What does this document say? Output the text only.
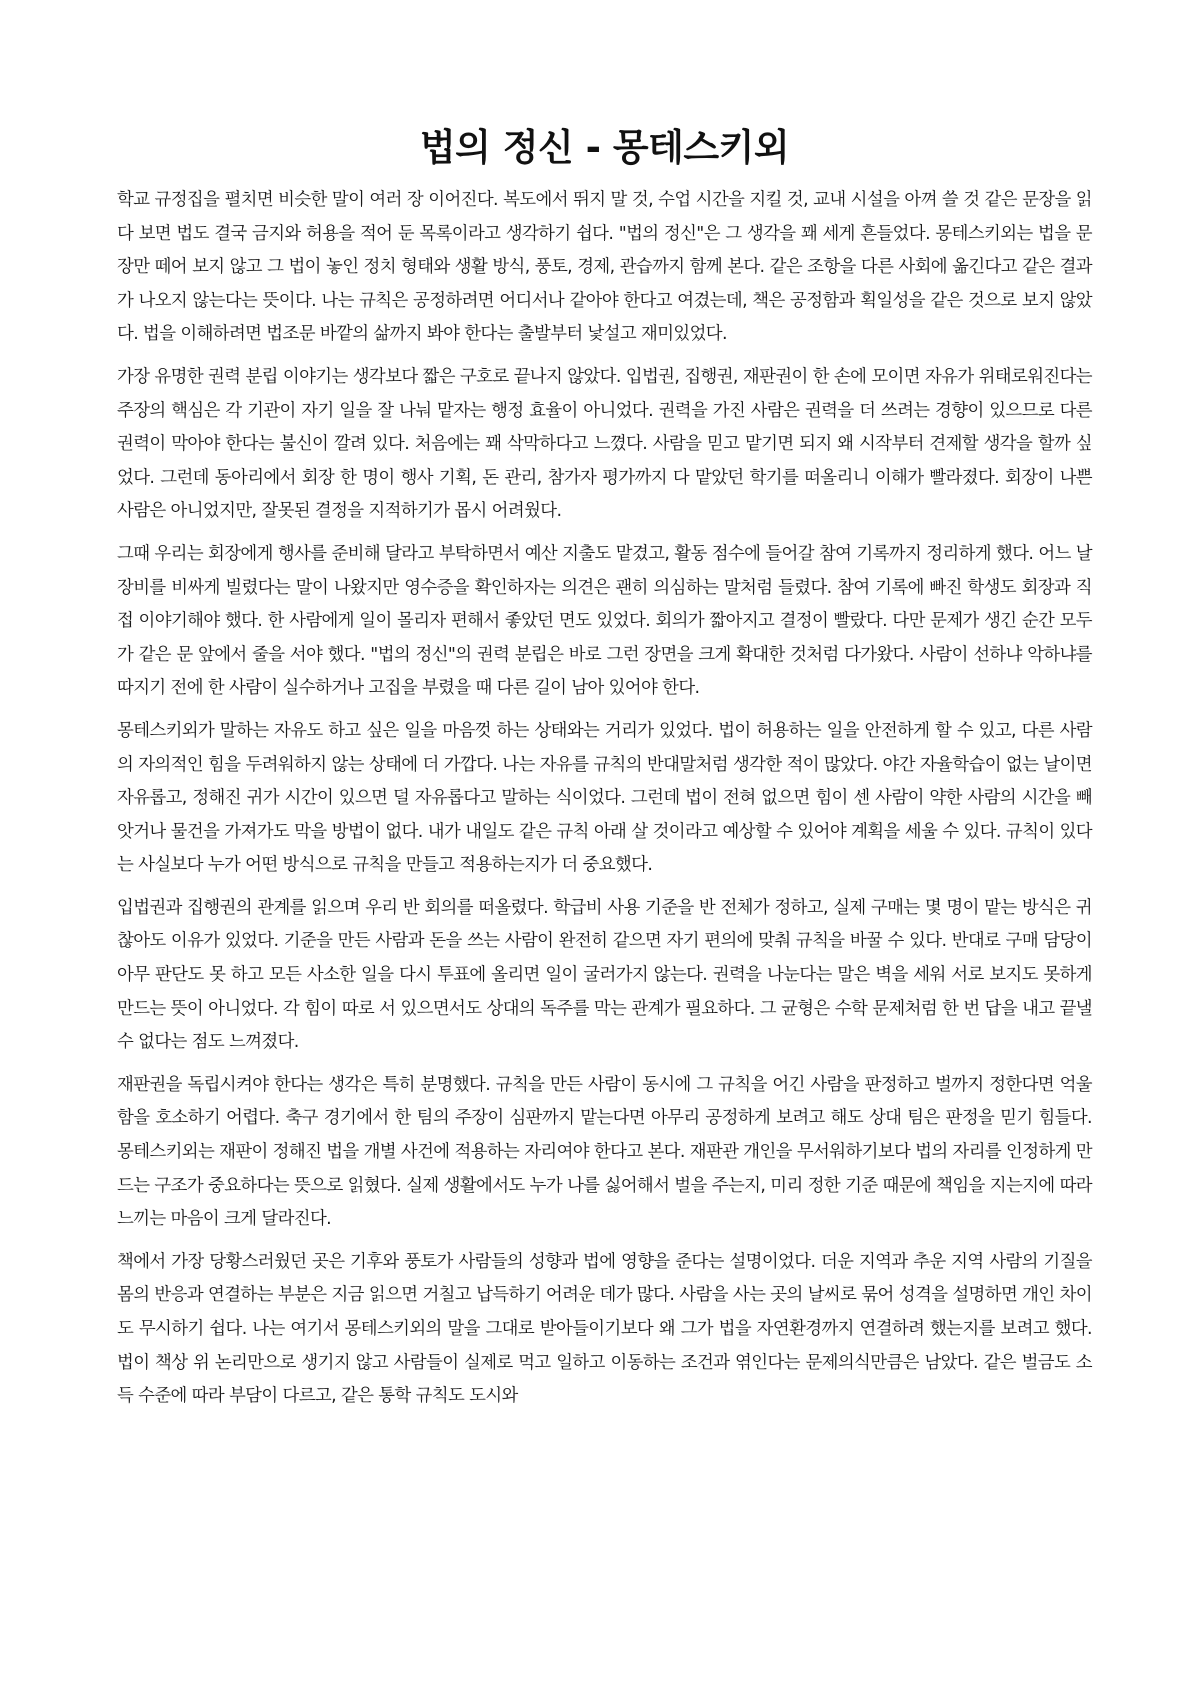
법의 정신 - 몽테스키외

학교 규정집을 펼치면 비슷한 말이 여러 장 이어진다. 복도에서 뛰지 말 것, 수업 시간을 지킬 것, 교내 시설을 아껴 쓸 것 같은 문장을 읽다 보면 법도 결국 금지와 허용을 적어 둔 목록이라고 생각하기 쉽다. "법의 정신"은 그 생각을 꽤 세게 흔들었다. 몽테스키외는 법을 문장만 떼어 보지 않고 그 법이 놓인 정치 형태와 생활 방식, 풍토, 경제, 관습까지 함께 본다. 같은 조항을 다른 사회에 옮긴다고 같은 결과가 나오지 않는다는 뜻이다. 나는 규칙은 공정하려면 어디서나 같아야 한다고 여겼는데, 책은 공정함과 획일성을 같은 것으로 보지 않았다. 법을 이해하려면 법조문 바깥의 삶까지 봐야 한다는 출발부터 낯설고 재미있었다.

가장 유명한 권력 분립 이야기는 생각보다 짧은 구호로 끝나지 않았다. 입법권, 집행권, 재판권이 한 손에 모이면 자유가 위태로워진다는 주장의 핵심은 각 기관이 자기 일을 잘 나눠 맡자는 행정 효율이 아니었다. 권력을 가진 사람은 권력을 더 쓰려는 경향이 있으므로 다른 권력이 막아야 한다는 불신이 깔려 있다. 처음에는 꽤 삭막하다고 느꼈다. 사람을 믿고 맡기면 되지 왜 시작부터 견제할 생각을 할까 싶었다. 그런데 동아리에서 회장 한 명이 행사 기획, 돈 관리, 참가자 평가까지 다 맡았던 학기를 떠올리니 이해가 빨라졌다. 회장이 나쁜 사람은 아니었지만, 잘못된 결정을 지적하기가 몹시 어려웠다.

그때 우리는 회장에게 행사를 준비해 달라고 부탁하면서 예산 지출도 맡겼고, 활동 점수에 들어갈 참여 기록까지 정리하게 했다. 어느 날 장비를 비싸게 빌렸다는 말이 나왔지만 영수증을 확인하자는 의견은 괜히 의심하는 말처럼 들렸다. 참여 기록에 빠진 학생도 회장과 직접 이야기해야 했다. 한 사람에게 일이 몰리자 편해서 좋았던 면도 있었다. 회의가 짧아지고 결정이 빨랐다. 다만 문제가 생긴 순간 모두가 같은 문 앞에서 줄을 서야 했다. "법의 정신"의 권력 분립은 바로 그런 장면을 크게 확대한 것처럼 다가왔다. 사람이 선하냐 악하냐를 따지기 전에 한 사람이 실수하거나 고집을 부렸을 때 다른 길이 남아 있어야 한다.

몽테스키외가 말하는 자유도 하고 싶은 일을 마음껏 하는 상태와는 거리가 있었다. 법이 허용하는 일을 안전하게 할 수 있고, 다른 사람의 자의적인 힘을 두려워하지 않는 상태에 더 가깝다. 나는 자유를 규칙의 반대말처럼 생각한 적이 많았다. 야간 자율학습이 없는 날이면 자유롭고, 정해진 귀가 시간이 있으면 덜 자유롭다고 말하는 식이었다. 그런데 법이 전혀 없으면 힘이 센 사람이 약한 사람의 시간을 빼앗거나 물건을 가져가도 막을 방법이 없다. 내가 내일도 같은 규칙 아래 살 것이라고 예상할 수 있어야 계획을 세울 수 있다. 규칙이 있다는 사실보다 누가 어떤 방식으로 규칙을 만들고 적용하는지가 더 중요했다.

입법권과 집행권의 관계를 읽으며 우리 반 회의를 떠올렸다. 학급비 사용 기준을 반 전체가 정하고, 실제 구매는 몇 명이 맡는 방식은 귀찮아도 이유가 있었다. 기준을 만든 사람과 돈을 쓰는 사람이 완전히 같으면 자기 편의에 맞춰 규칙을 바꿀 수 있다. 반대로 구매 담당이 아무 판단도 못 하고 모든 사소한 일을 다시 투표에 올리면 일이 굴러가지 않는다. 권력을 나눈다는 말은 벽을 세워 서로 보지도 못하게 만드는 뜻이 아니었다. 각 힘이 따로 서 있으면서도 상대의 독주를 막는 관계가 필요하다. 그 균형은 수학 문제처럼 한 번 답을 내고 끝낼 수 없다는 점도 느껴졌다.

재판권을 독립시켜야 한다는 생각은 특히 분명했다. 규칙을 만든 사람이 동시에 그 규칙을 어긴 사람을 판정하고 벌까지 정한다면 억울함을 호소하기 어렵다. 축구 경기에서 한 팀의 주장이 심판까지 맡는다면 아무리 공정하게 보려고 해도 상대 팀은 판정을 믿기 힘들다. 몽테스키외는 재판이 정해진 법을 개별 사건에 적용하는 자리여야 한다고 본다. 재판관 개인을 무서워하기보다 법의 자리를 인정하게 만드는 구조가 중요하다는 뜻으로 읽혔다. 실제 생활에서도 누가 나를 싫어해서 벌을 주는지, 미리 정한 기준 때문에 책임을 지는지에 따라 느끼는 마음이 크게 달라진다.

책에서 가장 당황스러웠던 곳은 기후와 풍토가 사람들의 성향과 법에 영향을 준다는 설명이었다. 더운 지역과 추운 지역 사람의 기질을 몸의 반응과 연결하는 부분은 지금 읽으면 거칠고 납득하기 어려운 데가 많다. 사람을 사는 곳의 날씨로 묶어 성격을 설명하면 개인 차이도 무시하기 쉽다. 나는 여기서 몽테스키외의 말을 그대로 받아들이기보다 왜 그가 법을 자연환경까지 연결하려 했는지를 보려고 했다. 법이 책상 위 논리만으로 생기지 않고 사람들이 실제로 먹고 일하고 이동하는 조건과 엮인다는 문제의식만큼은 남았다. 같은 벌금도 소득 수준에 따라 부담이 다르고, 같은 통학 규칙도 도시와
